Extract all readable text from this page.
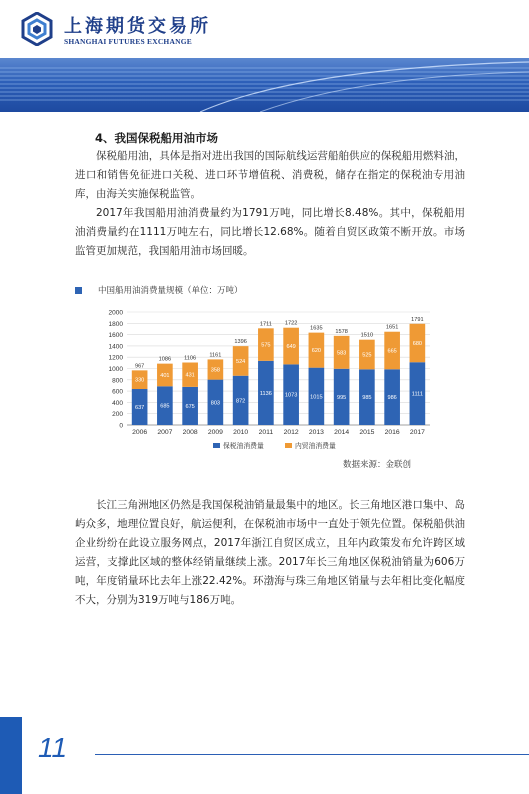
上海期货交易所
SHANGHAI FUTURES EXCHANGE
4、我国保税船用油市场

保税船用油，具体是指对进出我国的国际航线运营船舶供应的保税船用燃料油，进口和销售免征进口关税、进口环节增值税、消费税，储存在指定的保税油专用油库，由海关实施保税监管。

2017年我国船用油消费量约为1791万吨，同比增长8.48%。其中，保税船用油消费量约在1111万吨左右，同比增长12.68%。随着自贸区政策不断开放。市场监管更加规范，我国船用油市场回暖。

中国船用油消费量规模（单位：万吨）
0
200
400
600
800
1000
1200
1400
1600
1800
2000
637
330
967
2006
685
401
1086
2007
675
431
1106
2008
803
358
1161
2009
872
524
1396
2010
1136
575
1711
2011
1073
649
1722
2012
1015
620
1635
2013
995
583
1578
2014
985
525
1510
2015
986
665
1651
2016
1111
680
1791
2017
保税油消费量	内贸油消费量
数据来源：金联创

长江三角洲地区仍然是我国保税油销量最集中的地区。长三角地区港口集中、岛屿众多，地理位置良好，航运便利，在保税油市场中一直处于领先位置。保税船供油企业纷纷在此设立服务网点，2017年浙江自贸区成立，且年内政策发布允许跨区域运营，支撑此区域的整体经销量继续上涨。2017年长三角地区保税油销量为606万吨，年度销量环比去年上涨22.42%。环渤海与珠三角地区销量与去年相比变化幅度不大，分别为319万吨与186万吨。

11
